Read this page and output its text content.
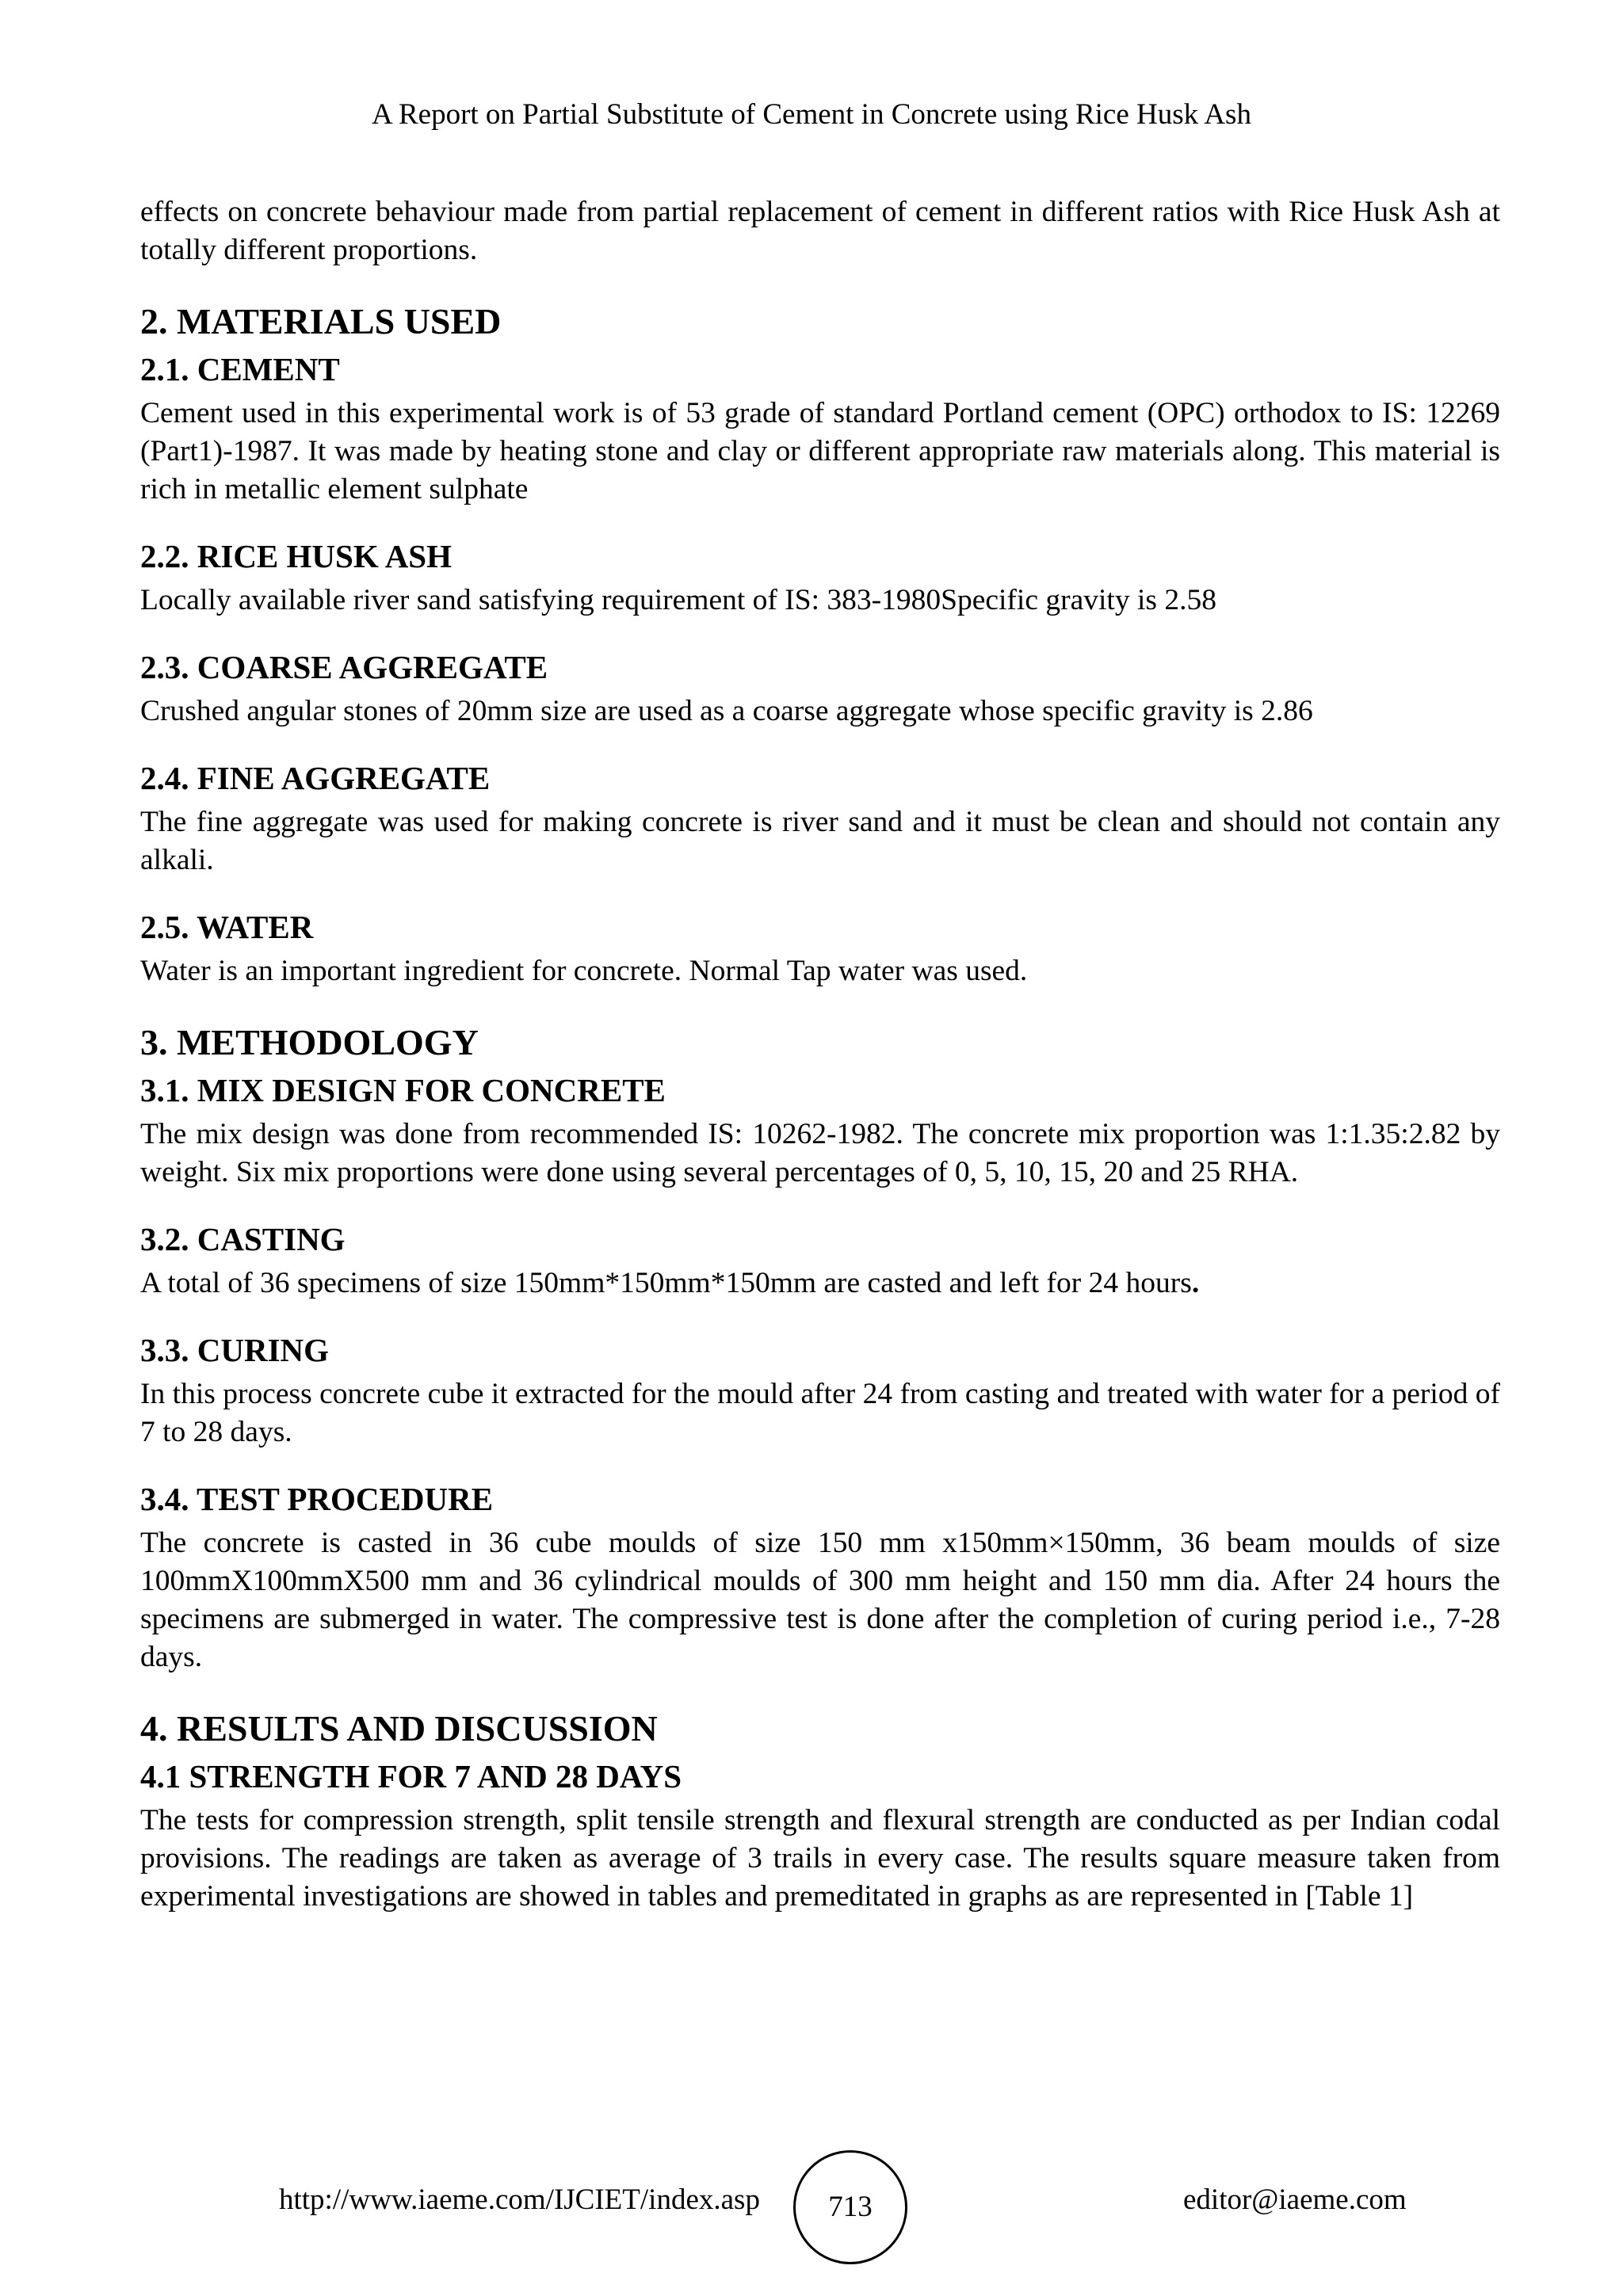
A Report on Partial Substitute of Cement in Concrete using Rice Husk Ash

effects on concrete behaviour made from partial replacement of cement in different ratios with Rice Husk Ash at totally different proportions.

2. MATERIALS USED
2.1. CEMENT

Cement used in this experimental work is of 53 grade of standard Portland cement (OPC) orthodox to IS: 12269 (Part1)-1987. It was made by heating stone and clay or different appropriate raw materials along. This material is rich in metallic element sulphate

2.2. RICE HUSK ASH

Locally available river sand satisfying requirement of IS: 383-1980Specific gravity is 2.58

2.3. COARSE AGGREGATE

Crushed angular stones of 20mm size are used as a coarse aggregate whose specific gravity is 2.86

2.4. FINE AGGREGATE

The fine aggregate was used for making concrete is river sand and it must be clean and should not contain any alkali.

2.5. WATER

Water is an important ingredient for concrete. Normal Tap water was used.

3. METHODOLOGY
3.1. MIX DESIGN FOR CONCRETE

The mix design was done from recommended IS: 10262-1982. The concrete mix proportion was 1:1.35:2.82 by weight. Six mix proportions were done using several percentages of 0, 5, 10, 15, 20 and 25 RHA.

3.2. CASTING

A total of 36 specimens of size 150mm*150mm*150mm are casted and left for 24 hours.

3.3. CURING

In this process concrete cube it extracted for the mould after 24 from casting and treated with water for a period of 7 to 28 days.

3.4. TEST PROCEDURE

The concrete is casted in 36 cube moulds of size 150 mm x150mm×150mm, 36 beam moulds of size 100mmX100mmX500 mm and 36 cylindrical moulds of 300 mm height and 150 mm dia. After 24 hours the specimens are submerged in water. The compressive test is done after the completion of curing period i.e., 7-28 days.

4. RESULTS AND DISCUSSION
4.1 STRENGTH FOR 7 AND 28 DAYS

The tests for compression strength, split tensile strength and flexural strength are conducted as per Indian codal provisions. The readings are taken as average of 3 trails in every case. The results square measure taken from experimental investigations are showed in tables and premeditated in graphs as are represented in [Table 1]

http://www.iaeme.com/IJCIET/index.asp	713	editor@iaeme.com
